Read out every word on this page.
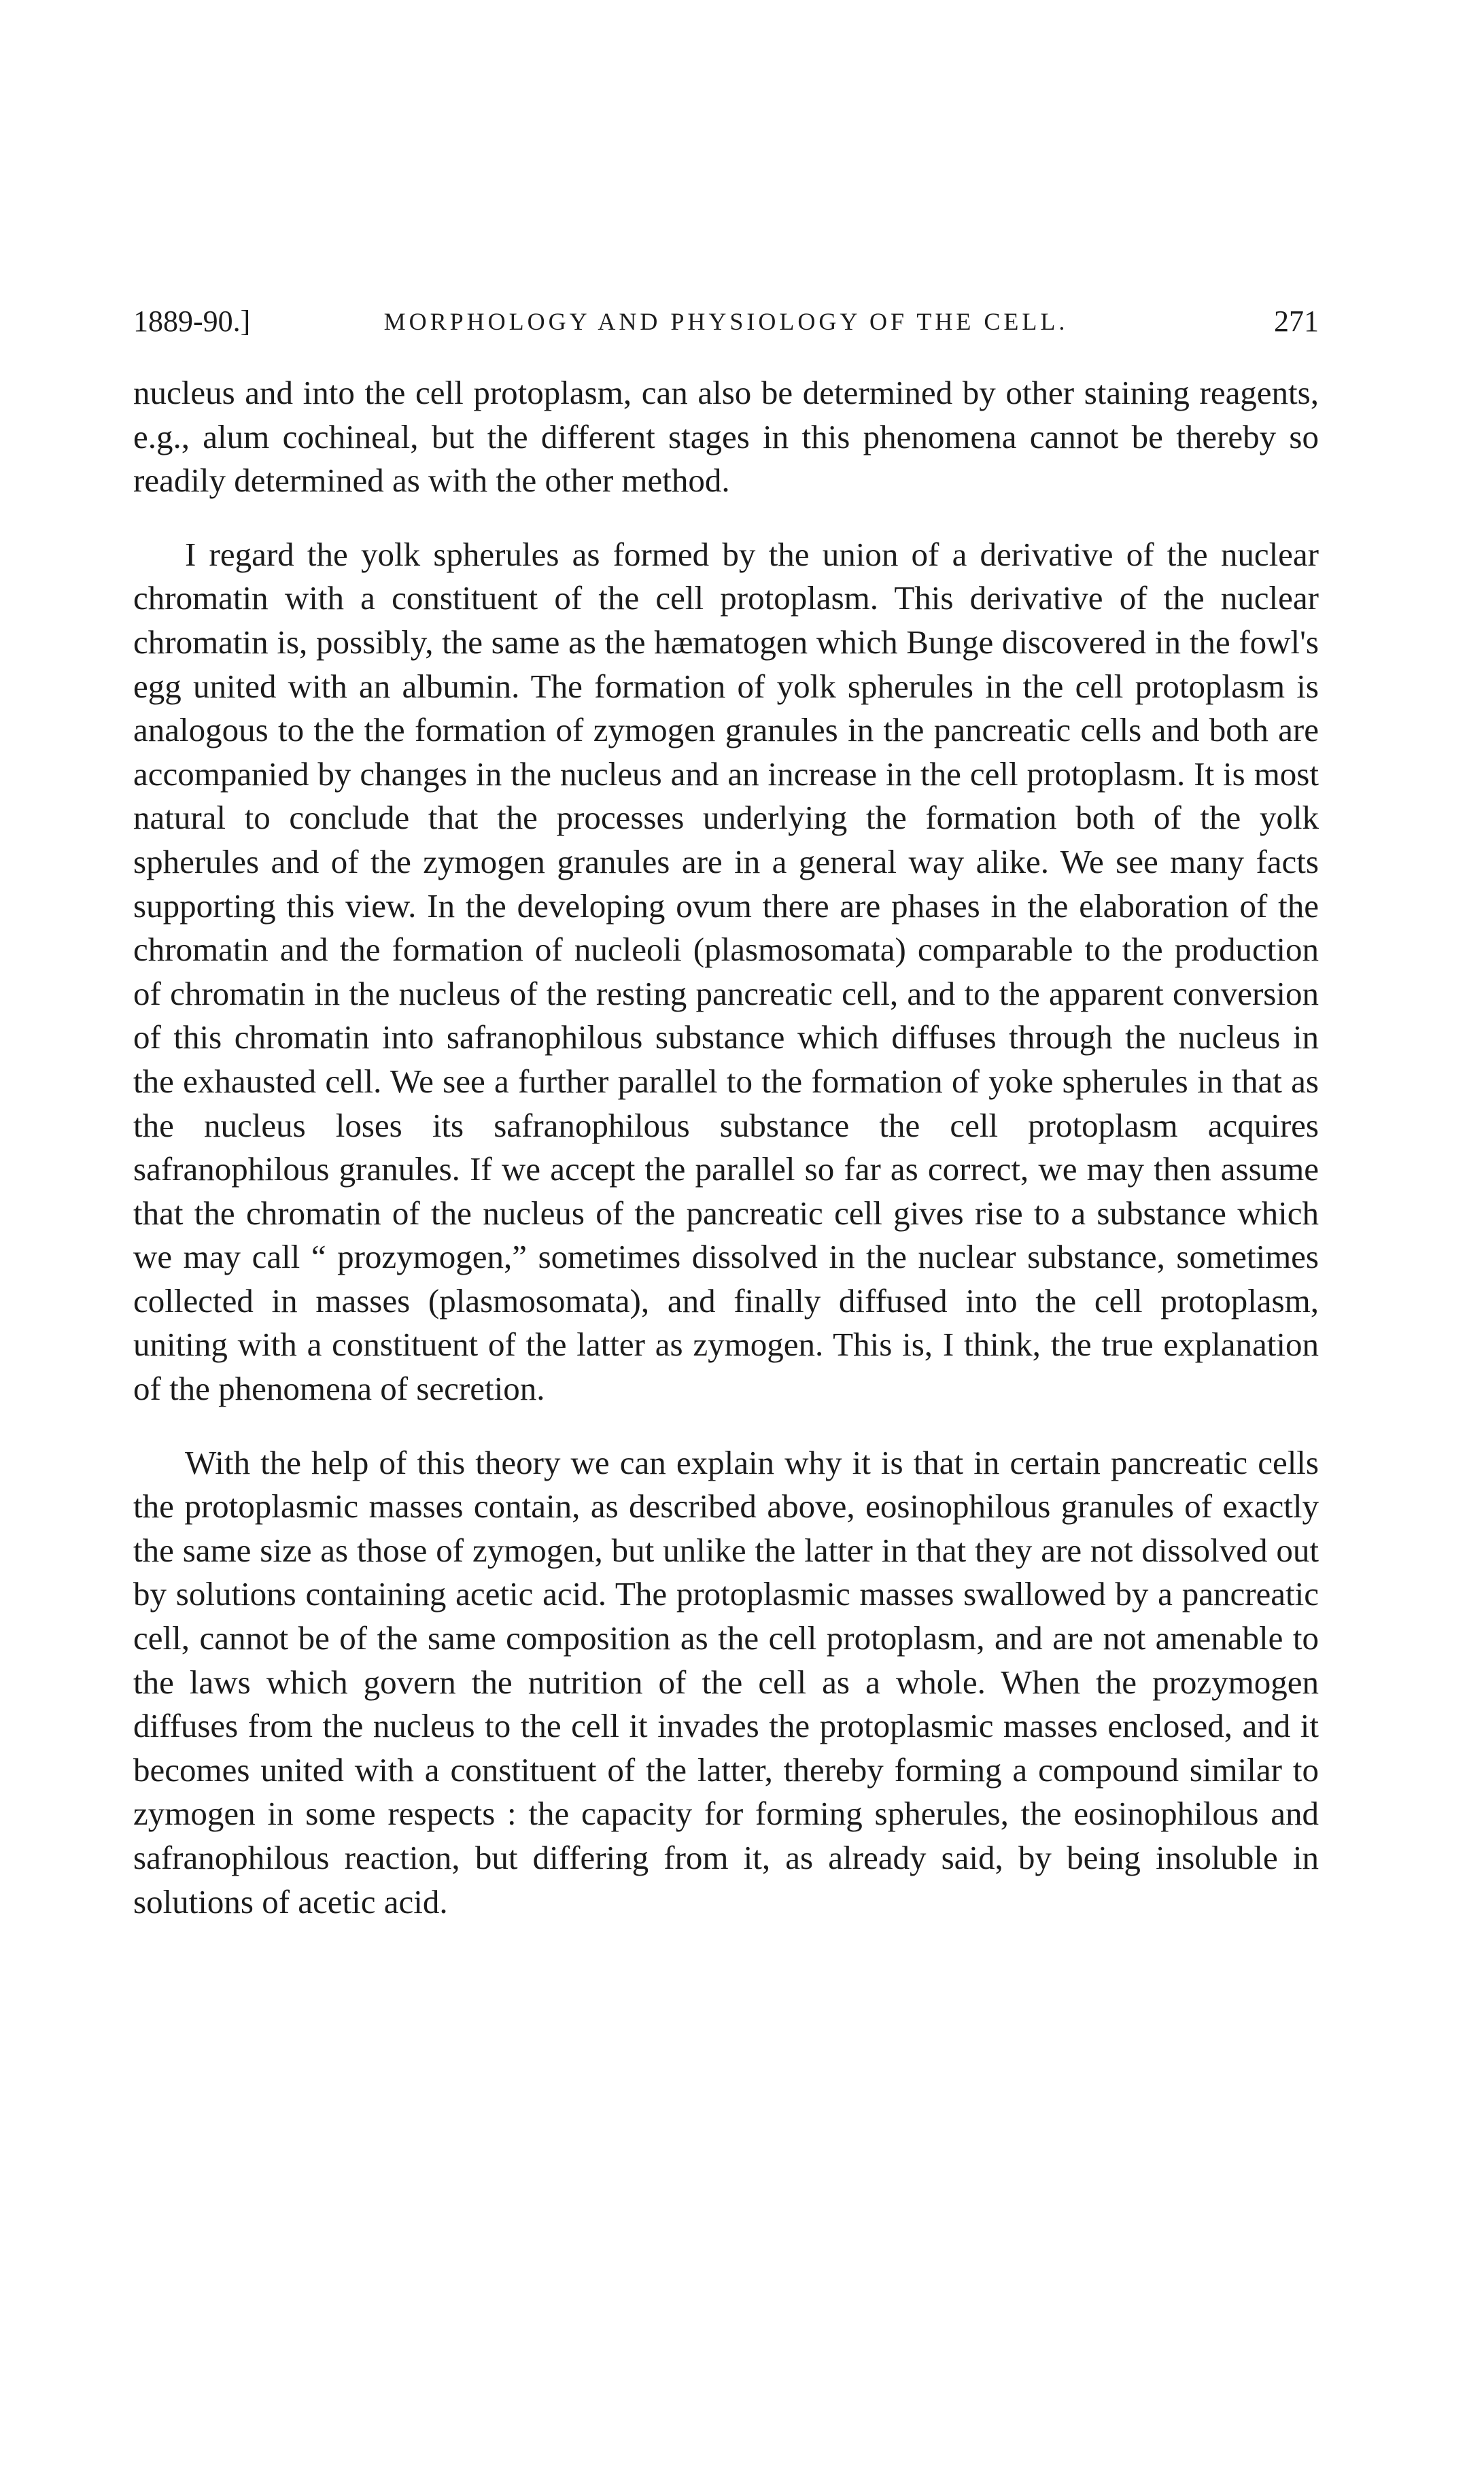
1889-90.]	MORPHOLOGY AND PHYSIOLOGY OF THE CELL.	271

nucleus and into the cell protoplasm, can also be determined by other staining reagents, e.g., alum cochineal, but the different stages in this phenomena cannot be thereby so readily determined as with the other method.

I regard the yolk spherules as formed by the union of a derivative of the nuclear chromatin with a constituent of the cell protoplasm. This derivative of the nuclear chromatin is, possibly, the same as the hæmatogen which Bunge discovered in the fowl's egg united with an albumin. The formation of yolk spherules in the cell protoplasm is analogous to the the formation of zymogen granules in the pancreatic cells and both are accompanied by changes in the nucleus and an increase in the cell protoplasm. It is most natural to conclude that the processes underlying the formation both of the yolk spherules and of the zymogen granules are in a general way alike. We see many facts supporting this view. In the developing ovum there are phases in the elaboration of the chromatin and the formation of nucleoli (plasmosomata) comparable to the production of chromatin in the nucleus of the resting pancreatic cell, and to the apparent conversion of this chromatin into safranophilous substance which diffuses through the nucleus in the exhausted cell. We see a further parallel to the formation of yoke spherules in that as the nucleus loses its safranophilous substance the cell protoplasm acquires safranophilous granules. If we accept the parallel so far as correct, we may then assume that the chromatin of the nucleus of the pancreatic cell gives rise to a substance which we may call “ prozymogen,” sometimes dissolved in the nuclear substance, sometimes collected in masses (plasmosomata), and finally diffused into the cell protoplasm, uniting with a constituent of the latter as zymogen. This is, I think, the true explanation of the phenomena of secretion.

With the help of this theory we can explain why it is that in certain pancreatic cells the protoplasmic masses contain, as described above, eosinophilous granules of exactly the same size as those of zymogen, but unlike the latter in that they are not dissolved out by solutions containing acetic acid. The protoplasmic masses swallowed by a pancreatic cell, cannot be of the same composition as the cell protoplasm, and are not amenable to the laws which govern the nutrition of the cell as a whole. When the prozymogen diffuses from the nucleus to the cell it invades the protoplasmic masses enclosed, and it becomes united with a constituent of the latter, thereby forming a compound similar to zymogen in some respects : the capacity for forming spherules, the eosinophilous and safranophilous reaction, but differing from it, as already said, by being insoluble in solutions of acetic acid.
